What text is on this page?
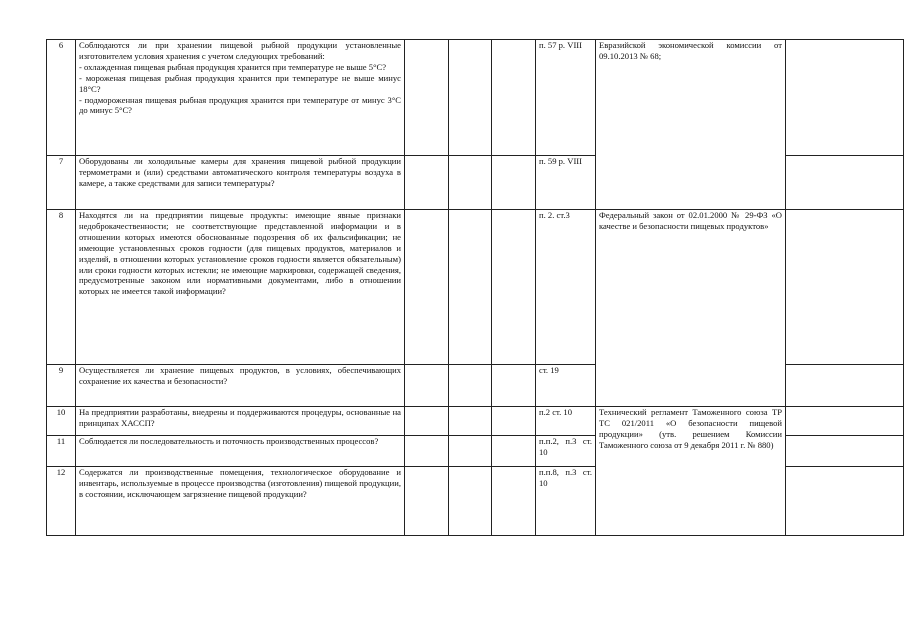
6	Соблюдаются ли при хранении пищевой рыбной продукции установленные изготовителем условия хранения с учетом следующих требований:
- охлажденная пищевая рыбная продукция хранится при температуре не выше 5°С?
- мороженая пищевая рыбная продукция хранится при температуре не выше минус 18°С?
- подмороженная пищевая рыбная продукция хранится при температуре от минус 3°С до минус 5°С?				п. 57 р. VIII	Евразийской экономической комиссии от 09.10.2013 № 68;	
7	Оборудованы ли холодильные камеры для хранения пищевой рыбной продукции термометрами и (или) средствами автоматического контроля температуры воздуха в камере, а также средствами для записи температуры?				п. 59 р. VIII		
8	Находятся ли на предприятии пищевые продукты: имеющие явные признаки недоброкачественности; не соответствующие представленной информации и в отношении которых имеются обоснованные подозрения об их фальсификации; не имеющие установленных сроков годности (для пищевых продуктов, материалов и изделий, в отношении которых установление сроков годности является обязательным) или сроки годности которых истекли; не имеющие маркировки, содержащей сведения, предусмотренные законом или нормативными документами, либо в отношении которых не имеется такой информации?				п. 2. ст.3	Федеральный закон от 02.01.2000 № 29-ФЗ «О качестве и безопасности пищевых продуктов»	
9	Осуществляется ли хранение пищевых продуктов, в условиях, обеспечивающих сохранение их качества и безопасности?				ст. 19		
10	На предприятии разработаны, внедрены и поддерживаются процедуры, основанные на принципах ХАССП?				п.2 ст. 10	Технический регламент Таможенного союза ТР ТС 021/2011 «О безопасности пищевой продукции» (утв. решением Комиссии Таможенного союза от 9 декабря 2011 г. № 880)	
11	Соблюдается ли последовательность и поточность производственных процессов?				п.п.2, п.3 ст. 10		
12	Содержатся ли производственные помещения, технологическое оборудование и инвентарь, используемые в процессе производства (изготовления) пищевой продукции, в состоянии, исключающем загрязнение пищевой продукции?				п.п.8, п.3 ст. 10		
